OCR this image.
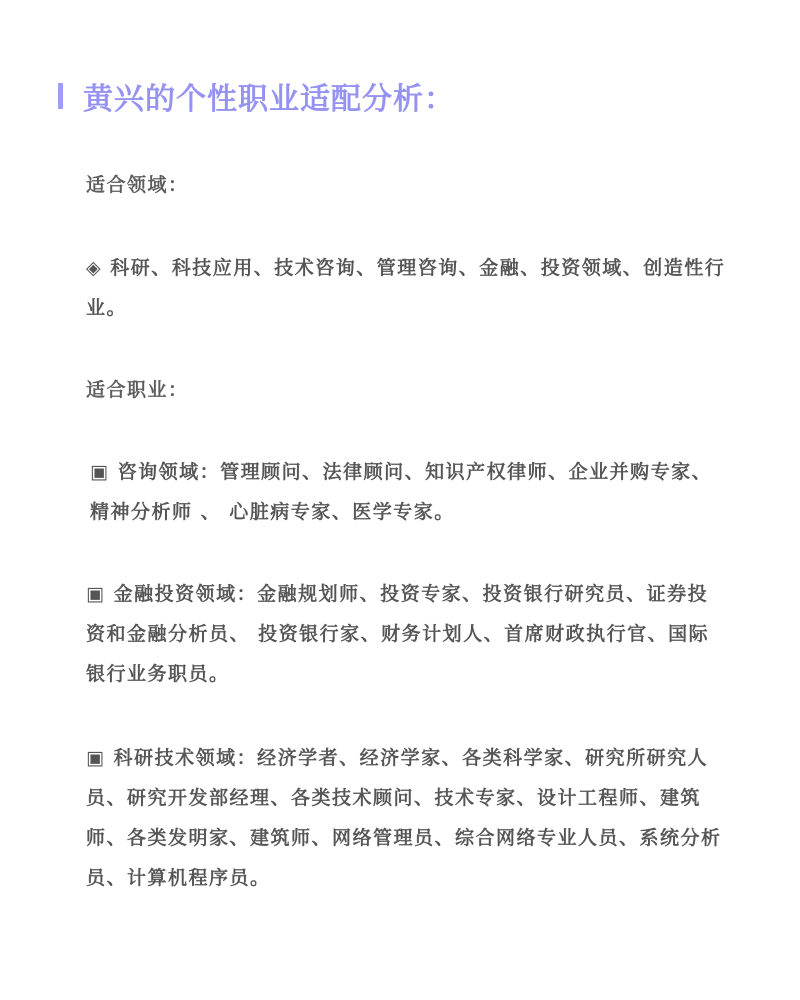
黄兴的个性职业适配分析：
适合领域：
◈ 科研、科技应用、技术咨询、管理咨询、金融、投资领域、创造性行业。
适合职业：
▣ 咨询领域：管理顾问、法律顾问、知识产权律师、企业并购专家、精神分析师 、 心脏病专家、医学专家。
▣ 金融投资领域：金融规划师、投资专家、投资银行研究员、证券投资和金融分析员、 投资银行家、财务计划人、首席财政执行官、国际银行业务职员。
▣ 科研技术领域：经济学者、经济学家、各类科学家、研究所研究人员、研究开发部经理、各类技术顾问、技术专家、设计工程师、建筑师、各类发明家、建筑师、网络管理员、综合网络专业人员、系统分析员、计算机程序员。
